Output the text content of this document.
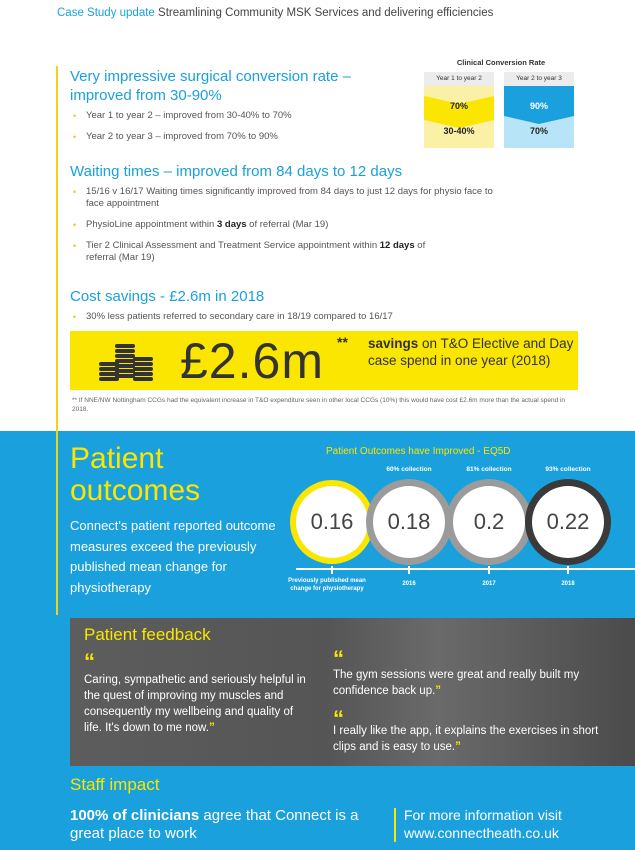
Case Study update Streamlining Community MSK Services and delivering efficiencies
Very impressive surgical conversion rate – improved from 30-90%
• Year 1 to year 2 – improved from 30-40% to 70%
• Year 2 to year 3 – improved from 70% to 90%
Clinical Conversion Rate
Year 1 to year 2
70%
30-40%
Year 2 to year 3
90%
70%
Waiting times – improved from 84 days to 12 days
• 15/16 v 16/17 Waiting times significantly improved from 84 days to just 12 days for physio face to face appointment
• PhysioLine appointment within 3 days of referral (Mar 19)
• Tier 2 Clinical Assessment and Treatment Service appointment within 12 days of referral (Mar 19)
Cost savings - £2.6m in 2018
• 30% less patients referred to secondary care in 18/19 compared to 16/17
£2.6m ** savings on T&O Elective and Day case spend in one year (2018)
** If NNE/NW Nottingham CCGs had the equivalent increase in T&O expenditure seen in other local CCGs (10%) this would have cost £2.6m more than the actual spend in 2018.
Patient
outcomes
Connect's patient reported outcome measures exceed the previously published mean change for physiotherapy
Patient Outcomes have Improved - EQ5D
0.16
Previously published mean change for physiotherapy
0.18
60% collection
2016
0.2
81% collection
2017
0.22
93% collection
2018
Patient feedback
“
Caring, sympathetic and seriously helpful in the quest of improving my muscles and consequently my wellbeing and quality of life. It's down to me now.”
“
The gym sessions were great and really built my confidence back up.”
“
I really like the app, it explains the exercises in short clips and is easy to use.”
Staff impact
100% of clinicians agree that Connect is a great place to work
For more information visit
www.connectheath.co.uk
